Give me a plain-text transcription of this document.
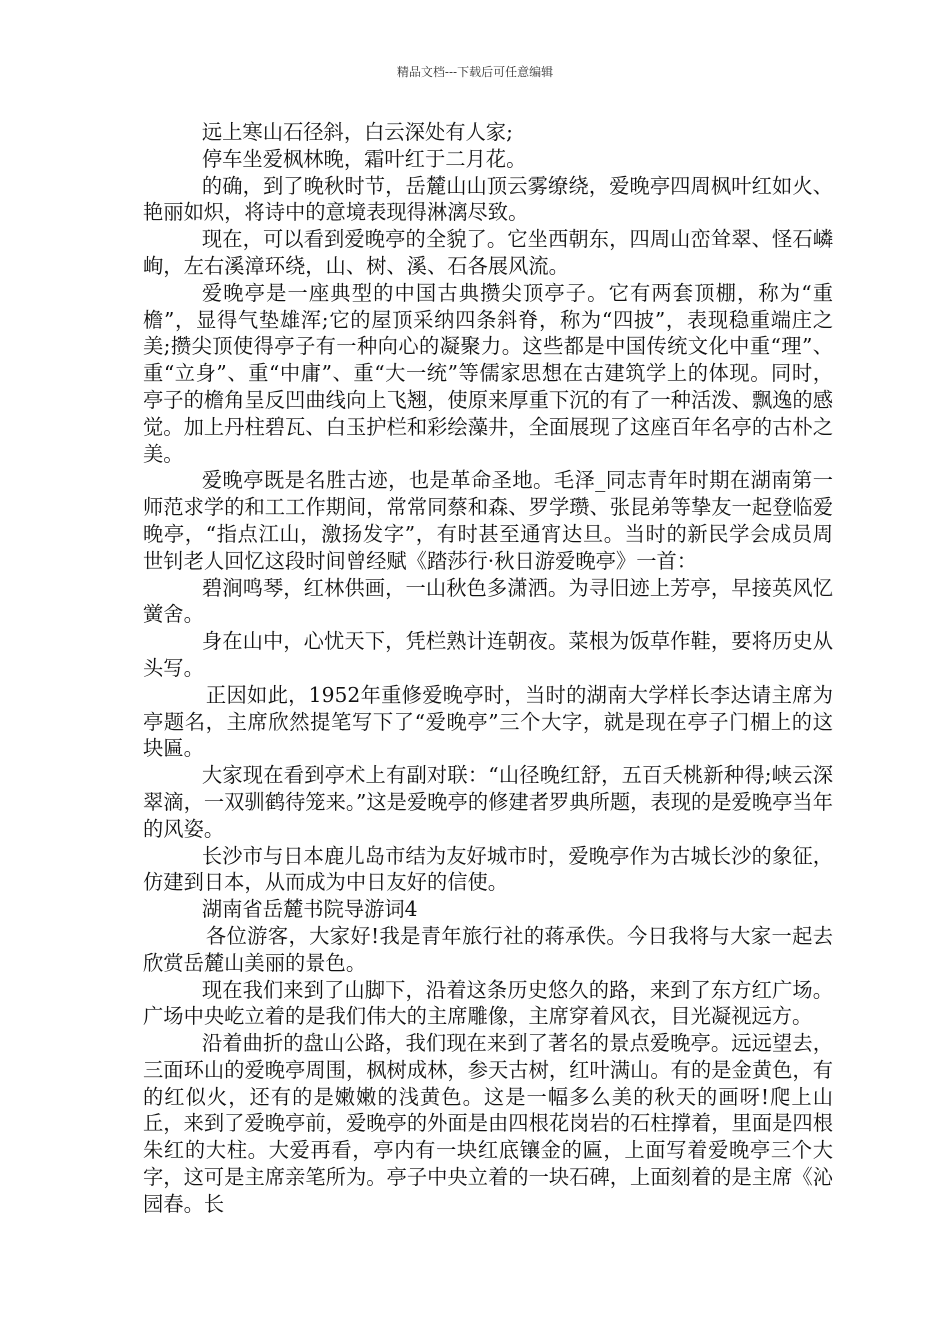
精品文档---下载后可任意编辑

远上寒山石径斜，白云深处有人家;

停车坐爱枫林晚，霜叶红于二月花。

的确，到了晚秋时节，岳麓山山顶云雾缭绕，爱晚亭四周枫叶红如火、艳丽如炽，将诗中的意境表现得淋漓尽致。

现在，可以看到爱晚亭的全貌了。它坐西朝东，四周山峦耸翠、怪石嶙峋，左右溪漳环绕，山、树、溪、石各展风流。

爱晚亭是一座典型的中国古典攒尖顶亭子。它有两套顶棚，称为“重檐”，显得气垫雄浑;它的屋顶采纳四条斜脊，称为“四披”，表现稳重端庄之美;攒尖顶使得亭子有一种向心的凝聚力。这些都是中国传统文化中重“理”、重“立身”、重“中庸”、重“大一统”等儒家思想在古建筑学上的体现。同时，亭子的檐角呈反凹曲线向上飞翘，使原来厚重下沉的有了一种活泼、飘逸的感觉。加上丹柱碧瓦、白玉护栏和彩绘藻井，全面展现了这座百年名亭的古朴之美。

爱晚亭既是名胜古迹，也是革命圣地。毛泽_同志青年时期在湖南第一师范求学的和工工作期间，常常同蔡和森、罗学瓒、张昆弟等挚友一起登临爱晚亭，“指点江山，激扬发字”，有时甚至通宵达旦。当时的新民学会成员周世钊老人回忆这段时间曾经赋《踏莎行·秋日游爱晚亭》一首：

碧涧鸣琴，红林供画，一山秋色多潇洒。为寻旧迹上芳亭，早接英风忆黉舍。

身在山中，心忧天下，凭栏熟计连朝夜。菜根为饭草作鞋，要将历史从头写。

正因如此，1952年重修爱晚亭时，当时的湖南大学样长李达请主席为亭题名，主席欣然提笔写下了“爱晚亭”三个大字，就是现在亭子门楣上的这块匾。

大家现在看到亭术上有副对联：“山径晚红舒，五百夭桃新种得;峡云深翠滴，一双驯鹤待笼来。”这是爱晚亭的修建者罗典所题，表现的是爱晚亭当年的风姿。

长沙市与日本鹿儿岛市结为友好城市时，爱晚亭作为古城长沙的象征，仿建到日本，从而成为中日友好的信使。

湖南省岳麓书院导游词4

各位游客，大家好!我是青年旅行社的蒋承佚。今日我将与大家一起去欣赏岳麓山美丽的景色。

现在我们来到了山脚下，沿着这条历史悠久的路，来到了东方红广场。广场中央屹立着的是我们伟大的主席雕像，主席穿着风衣，目光凝视远方。

沿着曲折的盘山公路，我们现在来到了著名的景点爱晚亭。远远望去，三面环山的爱晚亭周围，枫树成林，参天古树，红叶满山。有的是金黄色，有的红似火，还有的是嫩嫩的浅黄色。这是一幅多么美的秋天的画呀!爬上山丘，来到了爱晚亭前，爱晚亭的外面是由四根花岗岩的石柱撑着，里面是四根朱红的大柱。大爱再看，亭内有一块红底镶金的匾，上面写着爱晚亭三个大字，这可是主席亲笔所为。亭子中央立着的一块石碑，上面刻着的是主席《沁园春。长
